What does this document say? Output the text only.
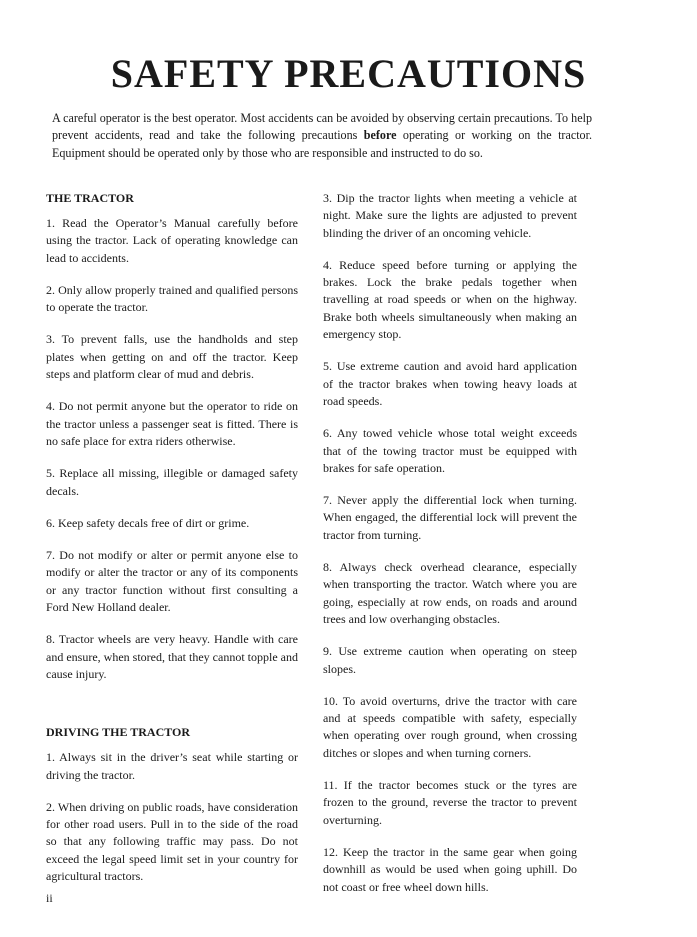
SAFETY PRECAUTIONS

A careful operator is the best operator. Most accidents can be avoided by observing certain precautions. To help prevent accidents, read and take the following precautions before operating or working on the tractor. Equipment should be operated only by those who are responsible and instructed to do so.

THE TRACTOR

1. Read the Operator’s Manual carefully before using the tractor. Lack of operating knowledge can lead to accidents.

2. Only allow properly trained and qualified persons to operate the tractor.

3. To prevent falls, use the handholds and step plates when getting on and off the tractor. Keep steps and platform clear of mud and debris.

4. Do not permit anyone but the operator to ride on the tractor unless a passenger seat is fitted. There is no safe place for extra riders otherwise.

5. Replace all missing, illegible or damaged safety decals.

6. Keep safety decals free of dirt or grime.

7. Do not modify or alter or permit anyone else to modify or alter the tractor or any of its components or any tractor function without first consulting a Ford New Holland dealer.

8. Tractor wheels are very heavy. Handle with care and ensure, when stored, that they cannot topple and cause injury.

DRIVING THE TRACTOR

1. Always sit in the driver’s seat while starting or driving the tractor.

2. When driving on public roads, have consideration for other road users. Pull in to the side of the road so that any following traffic may pass. Do not exceed the legal speed limit set in your country for agricultural tractors.

3. Dip the tractor lights when meeting a vehicle at night. Make sure the lights are adjusted to prevent blinding the driver of an oncoming vehicle.

4. Reduce speed before turning or applying the brakes. Lock the brake pedals together when travelling at road speeds or when on the highway. Brake both wheels simultaneously when making an emergency stop.

5. Use extreme caution and avoid hard application of the tractor brakes when towing heavy loads at road speeds.

6. Any towed vehicle whose total weight exceeds that of the towing tractor must be equipped with brakes for safe operation.

7. Never apply the differential lock when turning. When engaged, the differential lock will prevent the tractor from turning.

8. Always check overhead clearance, especially when transporting the tractor. Watch where you are going, especially at row ends, on roads and around trees and low overhanging obstacles.

9. Use extreme caution when operating on steep slopes.

10. To avoid overturns, drive the tractor with care and at speeds compatible with safety, especially when operating over rough ground, when crossing ditches or slopes and when turning corners.

11. If the tractor becomes stuck or the tyres are frozen to the ground, reverse the tractor to prevent overturning.

12. Keep the tractor in the same gear when going downhill as would be used when going uphill. Do not coast or free wheel down hills.

ii
